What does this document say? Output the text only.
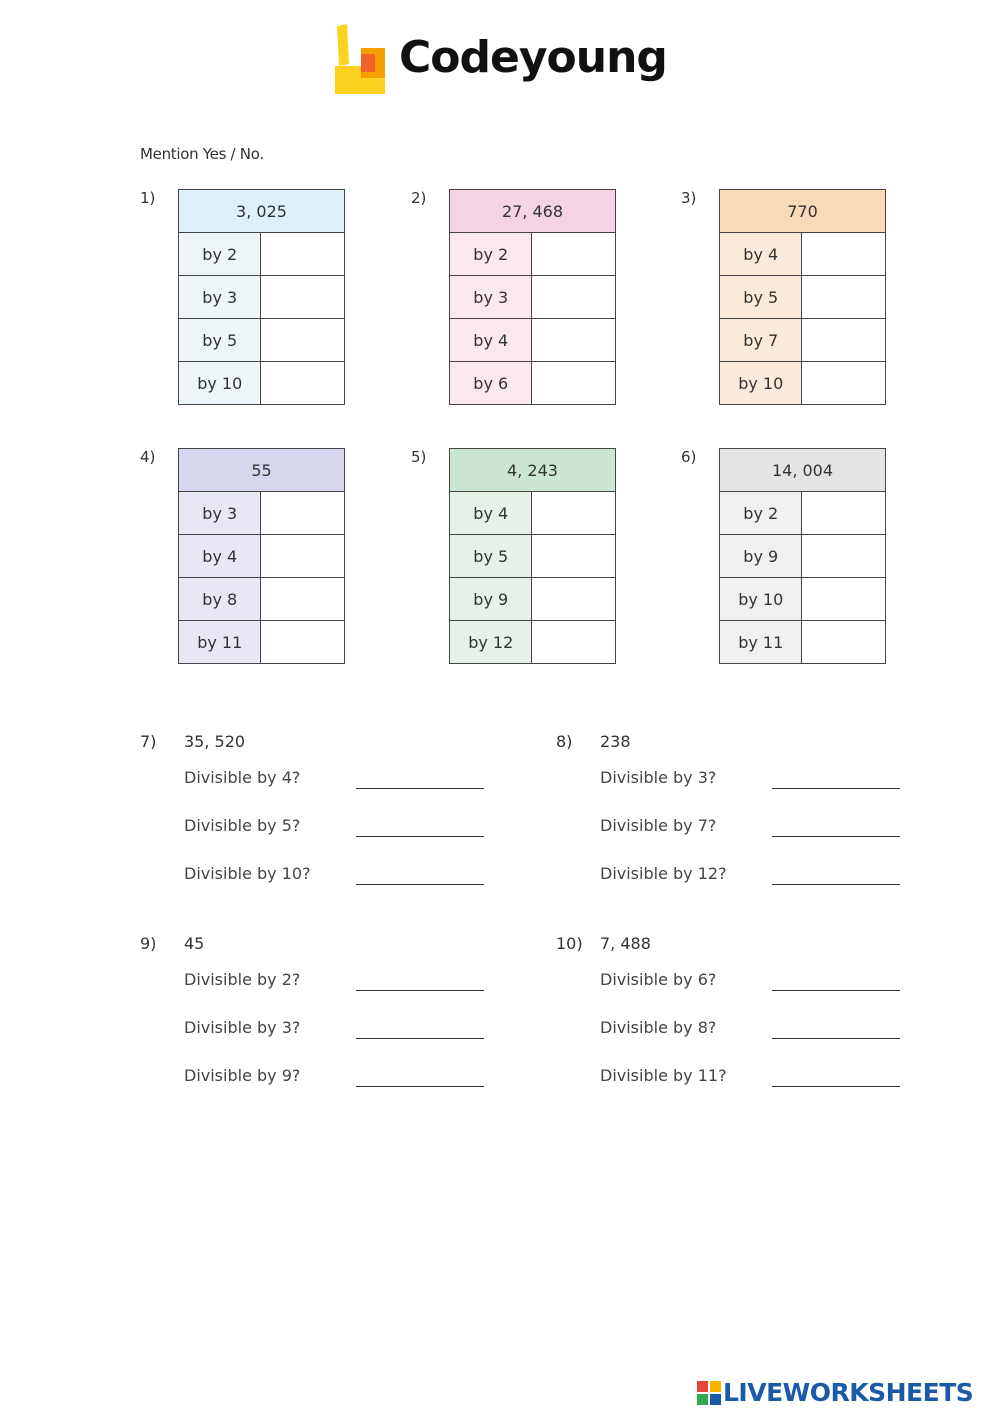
Codeyoung
Mention Yes / No.
1)
3, 025	
by 2	
by 3	
by 5	
by 10	
2)
27, 468	
by 2	
by 3	
by 4	
by 6	
3)
770	
by 4	
by 5	
by 7	
by 10	
4)
55	
by 3	
by 4	
by 8	
by 11	
5)
4, 243	
by 4	
by 5	
by 9	
by 12	
6)
14, 004	
by 2	
by 9	
by 10	
by 11	
7) 35, 520
Divisible by 4?
Divisible by 5?
Divisible by 10?
8) 238
Divisible by 3?
Divisible by 7?
Divisible by 12?
9) 45
Divisible by 2?
Divisible by 3?
Divisible by 9?
10) 7, 488
Divisible by 6?
Divisible by 8?
Divisible by 11?
LIVEWORKSHEETS
